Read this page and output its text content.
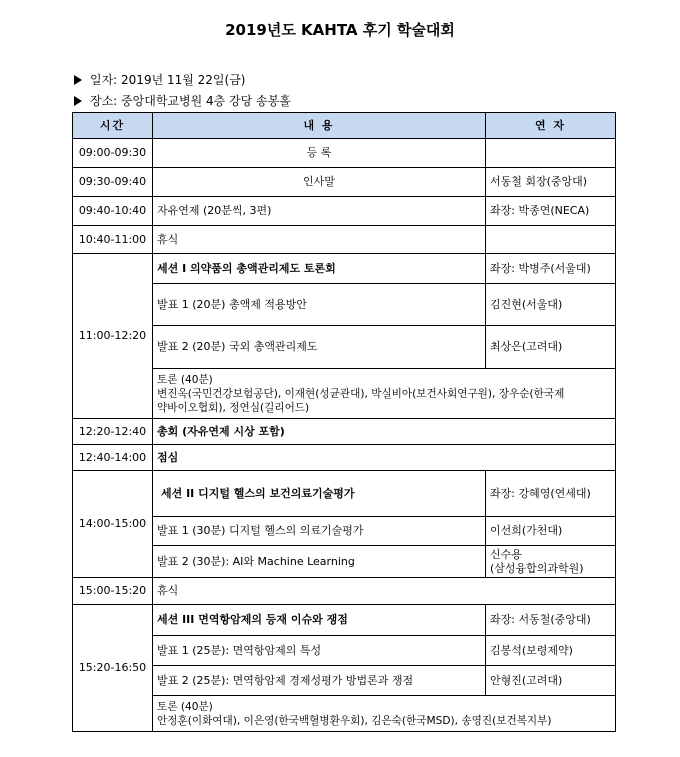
2019년도 KAHTA 후기 학술대회
일자: 2019년 11월 22일(금)
장소: 중앙대학교병원 4층 강당 송봉홀
시간	내 용	연 자
09:00-09:30	등 록	
09:30-09:40	인사말	서동철 회장(중앙대)
09:40-10:40	자유연제 (20분씩, 3편)	좌장: 박종연(NECA)
10:40-11:00	휴식	
11:00-12:20	세션 I 의약품의 총액관리제도 토론회	좌장: 박병주(서울대)
	발표 1 (20분) 총액제 적용방안	김진현(서울대)
	발표 2 (20분) 국외 총액관리제도	최상은(고려대)

	토론 (40분)
변진옥(국민건강보험공단), 이재현(성균관대), 박실비아(보건사회연구원), 장우순(한국제
약바이오협회), 정연심(길리어드)	

12:20-12:40	총회 (자유연제 시상 포함)	
12:40-14:00	점심	
14:00-15:00	세션 II 디지털 헬스의 보건의료기술평가	좌장: 강혜영(연세대)
	발표 1 (30분) 디지털 헬스의 의료기술평가	이선희(가천대)
	발표 2 (30분): AI와 Machine Learning	신수용
(삼성융합의과학원)

15:00-15:20	휴식	
15:20-16:50	세션 III 면역항암제의 등재 이슈와 쟁점	좌장: 서동철(중앙대)
	발표 1 (25분): 면역항암제의 특성	김봉석(보령제약)
	발표 2 (25분): 면역항암제 경제성평가 방법론과 쟁점	안형진(고려대)

	토론 (40분)
안정훈(이화여대), 이은영(한국백혈병환우회), 김은숙(한국MSD), 송영진(보건복지부)	
